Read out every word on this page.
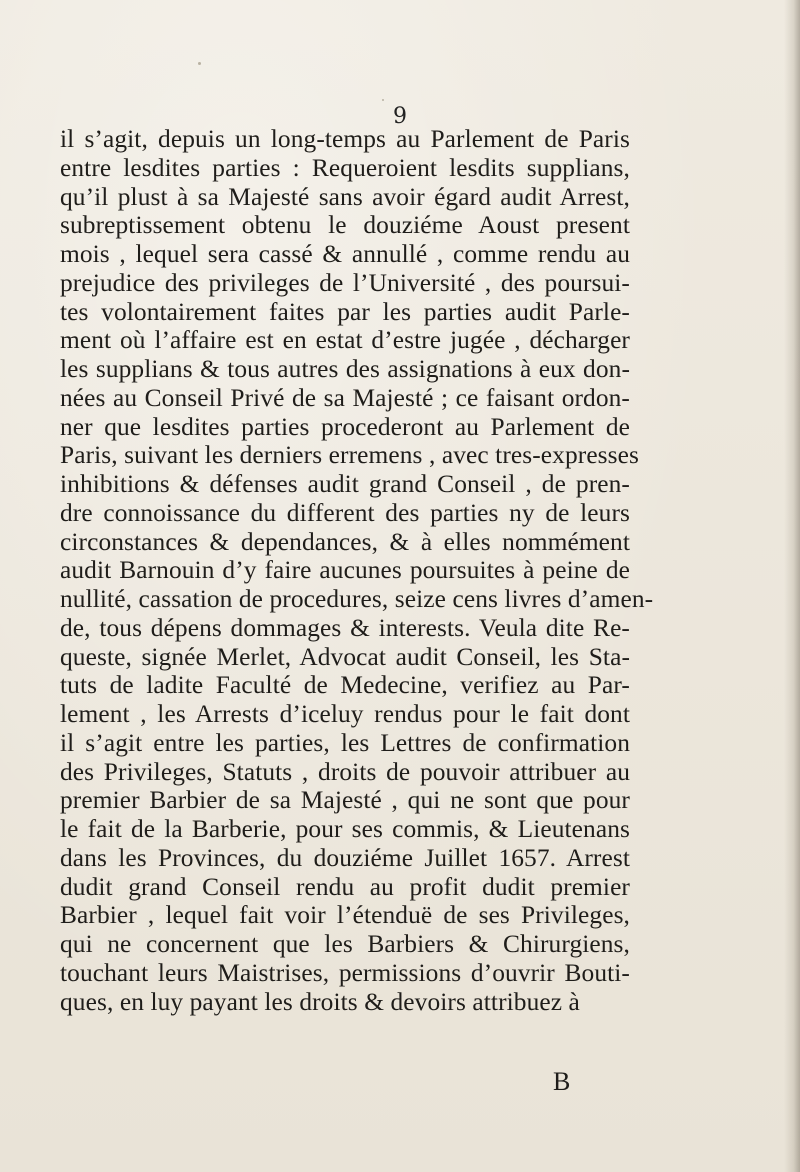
9

il s’agit, depuis un long-temps au Parlement de Paris
entre lesdites parties : Requeroient lesdits supplians,
qu’il plust à sa Majesté sans avoir égard audit Arrest,
subreptissement obtenu le douziéme Aoust present
mois , lequel sera cassé & annullé , comme rendu au
prejudice des privileges de l’Université , des poursui-
tes volontairement faites par les parties audit Parle-
ment où l’affaire est en estat d’estre jugée , décharger
les supplians & tous autres des assignations à eux don-
nées au Conseil Privé de sa Majesté ; ce faisant ordon-
ner que lesdites parties procederont au Parlement de
Paris, suivant les derniers erremens , avec tres-expresses
inhibitions & défenses audit grand Conseil , de pren-
dre connoissance du different des parties ny de leurs
circonstances & dependances, & à elles nommément
audit Barnouin d’y faire aucunes poursuites à peine de
nullité, cassation de procedures, seize cens livres d’amen-
de, tous dépens dommages & interests. Veula dite Re-
queste, signée Merlet, Advocat audit Conseil, les Sta-
tuts de ladite Faculté de Medecine, verifiez au Par-
lement , les Arrests d’iceluy rendus pour le fait dont
il s’agit entre les parties, les Lettres de confirmation
des Privileges, Statuts , droits de pouvoir attribuer au
premier Barbier de sa Majesté , qui ne sont que pour
le fait de la Barberie, pour ses commis, & Lieutenans
dans les Provinces, du douziéme Juillet 1657. Arrest
dudit grand Conseil rendu au profit dudit premier
Barbier , lequel fait voir l’étenduë de ses Privileges,
qui ne concernent que les Barbiers & Chirurgiens,
touchant leurs Maistrises, permissions d’ouvrir Bouti-
ques, en luy payant les droits & devoirs attribuez à
B
